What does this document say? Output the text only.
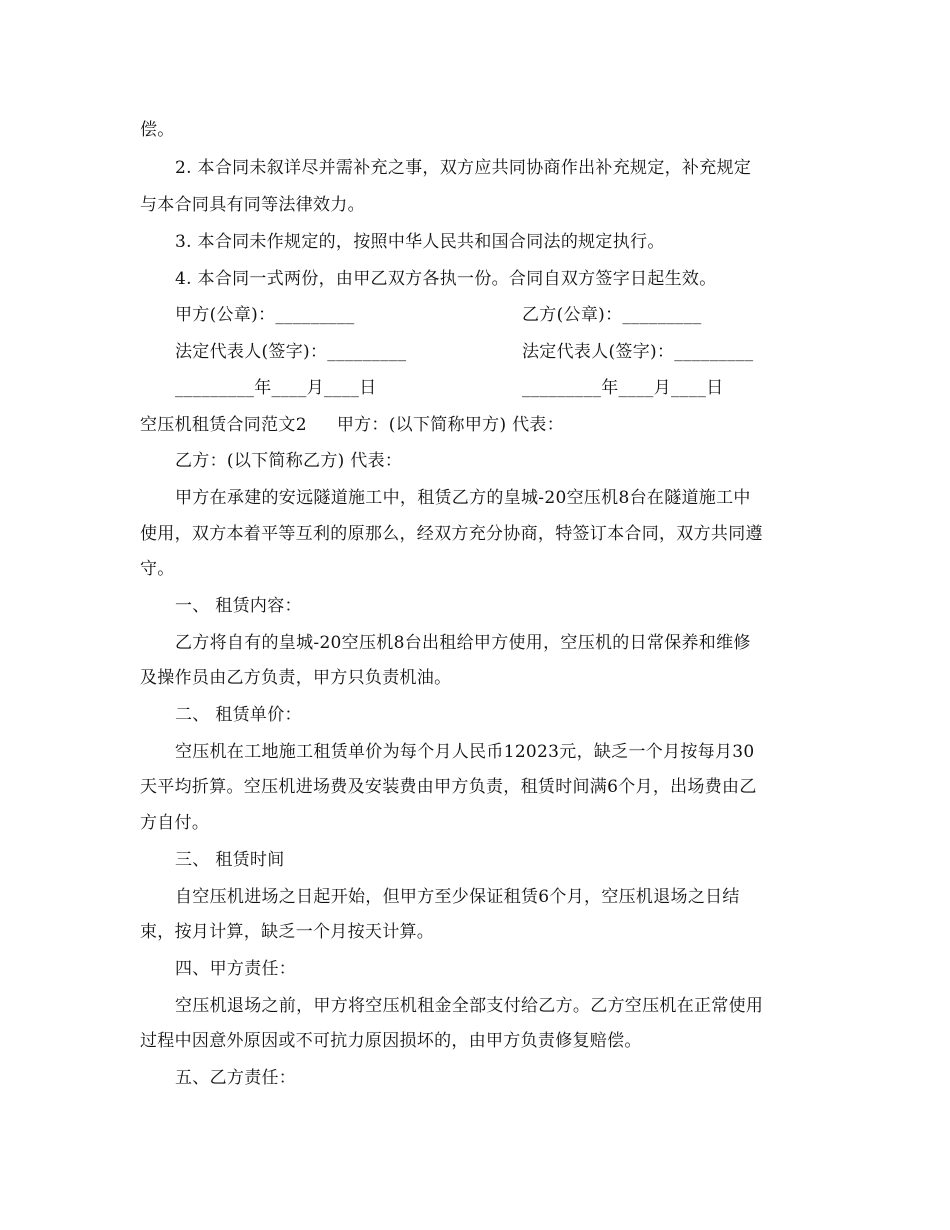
偿。
2. 本合同未叙详尽并需补充之事，双方应共同协商作出补充规定，补充规定
与本合同具有同等法律效力。
3. 本合同未作规定的，按照中华人民共和国合同法的规定执行。
4. 本合同一式两份，由甲乙双方各执一份。合同自双方签字日起生效。
甲方(公章)：_________	乙方(公章)：_________
法定代表人(签字)：_________	法定代表人(签字)：_________
_________年____月____日	_________年____月____日
空压机租赁合同范文2 甲方：(以下简称甲方) 代表：
乙方：(以下简称乙方) 代表：
甲方在承建的安远隧道施工中，租赁乙方的皇城-20空压机8台在隧道施工中
使用，双方本着平等互利的原那么，经双方充分协商，特签订本合同，双方共同遵
守。
一、 租赁内容：
乙方将自有的皇城-20空压机8台出租给甲方使用，空压机的日常保养和维修
及操作员由乙方负责，甲方只负责机油。
二、 租赁单价：
空压机在工地施工租赁单价为每个月人民币12023元，缺乏一个月按每月30
天平均折算。空压机进场费及安装费由甲方负责，租赁时间满6个月，出场费由乙
方自付。
三、 租赁时间
自空压机进场之日起开始，但甲方至少保证租赁6个月，空压机退场之日结
束，按月计算，缺乏一个月按天计算。
四、甲方责任：
空压机退场之前，甲方将空压机租金全部支付给乙方。乙方空压机在正常使用
过程中因意外原因或不可抗力原因损坏的，由甲方负责修复赔偿。
五、乙方责任：
